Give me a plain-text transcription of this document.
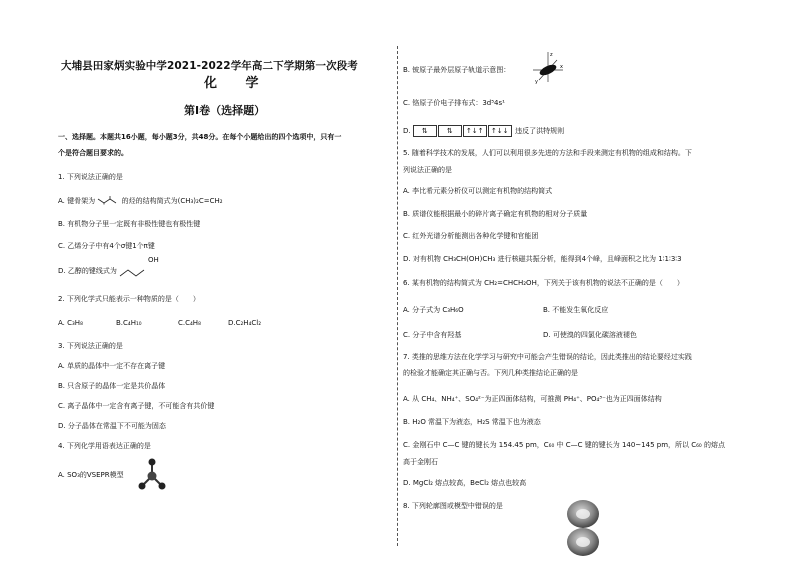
大埔县田家炳实验中学2021-2022学年高二下学期第一次段考
化 学
第Ⅰ卷（选择题）
一、选择题。本题共16小题，每小题3分，共48分。在每个小题给出的四个选项中，只有一
个是符合题目要求的。
1. 下列说法正确的是
A. 键骨架为	的烃的结构简式为(CH₃)₂C=CH₂
B. 有机物分子里一定既有非极性键也有极性键
C. 乙烯分子中有4个σ键1个π键
D. 乙醇的键线式为
OH
2. 下列化学式只能表示一种物质的是（　　）
A. C₃H₈	B.C₄H₁₀	C.C₄H₈	D.C₂H₄Cl₂
3. 下列说法正确的是
A. 单质的晶体中一定不存在离子键
B. 只含原子的晶体一定是共价晶体
C. 离子晶体中一定含有离子键，不可能含有共价键
D. 分子晶体在常温下不可能为固态
4. 下列化学用语表达正确的是
A. SO₃的VSEPR模型
B. 铍原子最外层原子轨道示意图：
z
x
y
C. 铬原子价电子排布式：3d⁵4s¹
D. ⇅	⇅ ↑↓↑ ↑↓↓ 违反了洪特规则
5. 随着科学技术的发展，人们可以利用很多先进的方法和手段来测定有机物的组成和结构。下
列说法正确的是
A. 李比希元素分析仪可以测定有机物的结构简式
B. 质谱仪能根据最小的碎片离子确定有机物的相对分子质量
C. 红外光谱分析能测出各种化学键和官能团
D. 对有机物 CH₃CH(OH)CH₃ 进行核磁共振分析，能得到4个峰，且峰面积之比为 1∶1∶3∶3
6. 某有机物的结构简式为 CH₂=CHCH₂OH，下列关于该有机物的说法不正确的是（　　）
A. 分子式为 C₃H₆O	B. 不能发生氧化反应
C. 分子中含有羟基	D. 可使溴的四氯化碳溶液褪色
7. 类推的思维方法在化学学习与研究中可能会产生错误的结论，因此类推出的结论要经过实践
的检验才能确定其正确与否。下列几种类推结论正确的是
A. 从 CH₄、NH₄⁺、SO₄²⁻为正四面体结构，可推测 PH₄⁺、PO₄³⁻也为正四面体结构
B. H₂O 常温下为液态，H₂S 常温下也为液态
C. 金刚石中 C—C 键的键长为 154.45 pm，C₆₀ 中 C—C 键的键长为 140~145 pm，所以 C₆₀ 的熔点
高于金刚石
D. MgCl₂ 熔点较高，BeCl₂ 熔点也较高
8. 下列轮廓图或模型中错误的是
